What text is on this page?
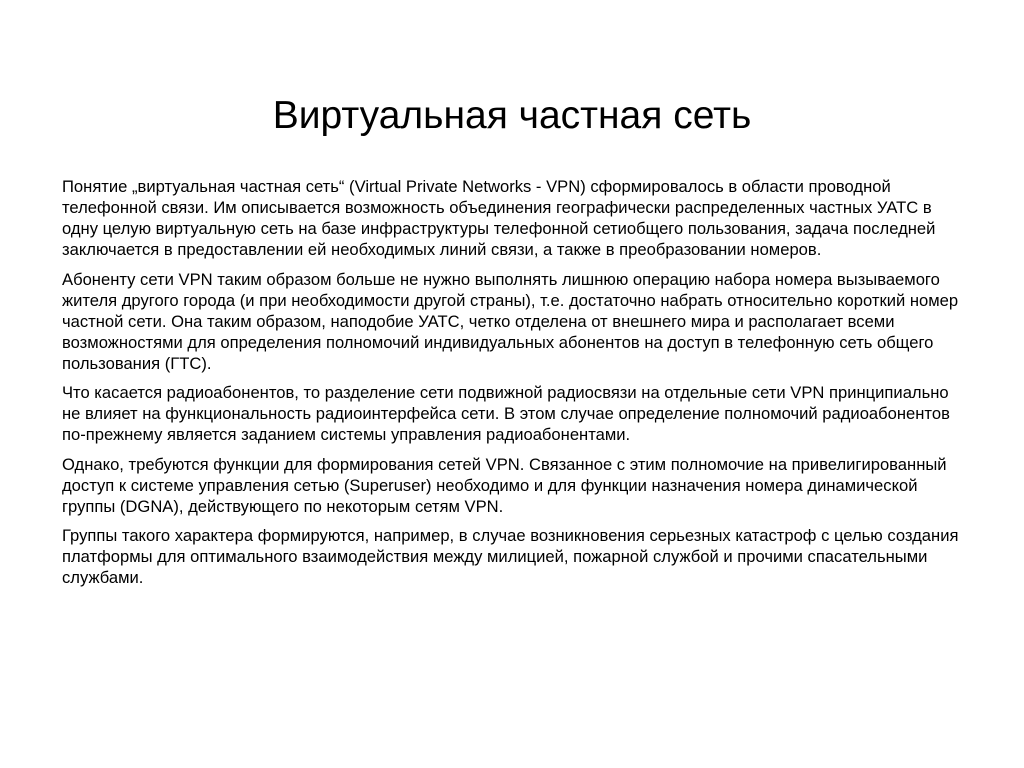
Виртуальная частная сеть

Понятие „виртуальная частная сеть“ (Virtual Private Networks - VPN) сформировалось в области проводной телефонной связи. Им описывается возможность объединения географически распределенных частных УАТС в одну целую виртуальную сеть на базе инфраструктуры телефонной сетиобщего пользования, задача последней заключается в предоставлении ей необходимых линий связи, а также в преобразовании номеров.

Абоненту сети VPN таким образом больше не нужно выполнять лишнюю операцию набора номера вызываемого жителя другого города (и при необходимости другой страны), т.е. достаточно набрать относительно короткий номер частной сети. Она таким образом, наподобие УАТС, четко отделена от внешнего мира и располагает всеми возможностями для определения полномочий индивидуальных абонентов на доступ в телефонную сеть общего пользования (ГТС).

Что касается радиоабонентов, то разделение сети подвижной радиосвязи на отдельные сети VPN принципиально не влияет на функциональность радиоинтерфейса сети. В этом случае определение полномочий радиоабонентов по-прежнему является заданием системы управления радиоабонентами.

Однако, требуются функции для формирования сетей VPN. Связанное с этим полномочие на привелигированный доступ к системе управления сетью (Superuser) необходимо и для функции назначения номера динамической группы (DGNA), действующего по некоторым сетям VPN.

Группы такого характера формируются, например, в случае возникновения серьезных катастроф с целью создания платформы для оптимального взаимодействия между милицией, пожарной службой и прочими спасательными службами.
